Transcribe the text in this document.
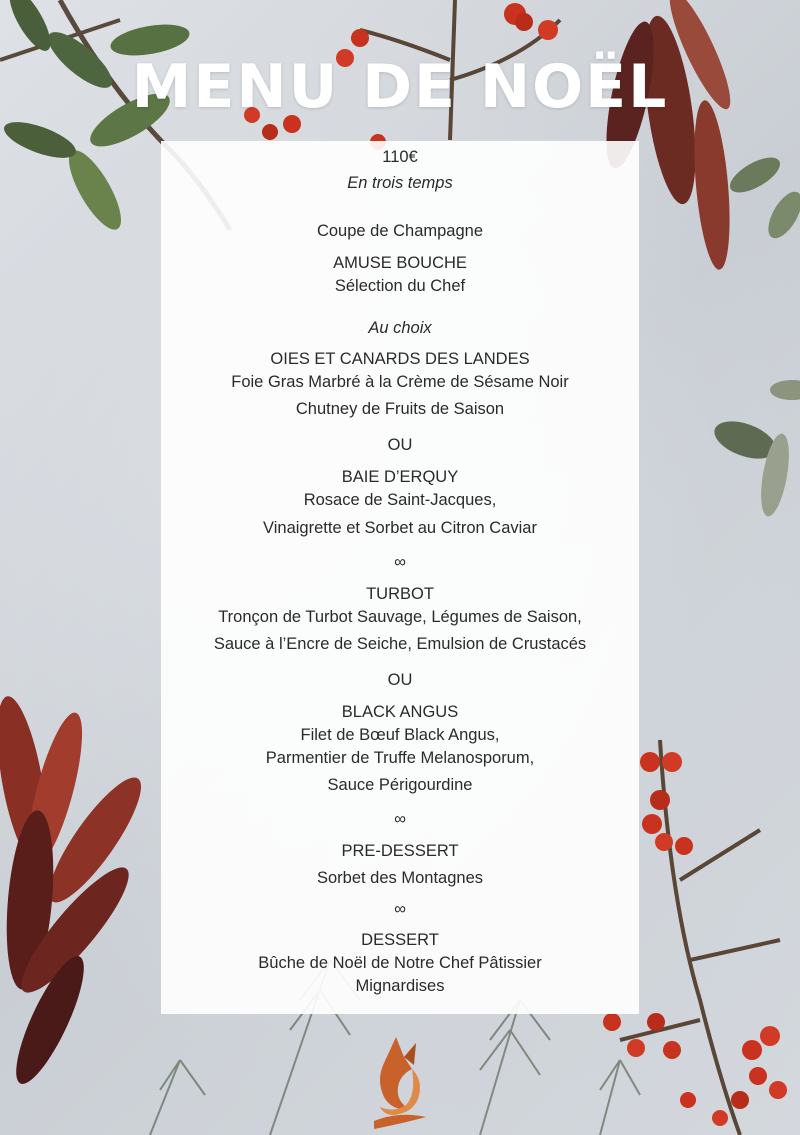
MENU DE NOËL
110€
En trois temps
Coupe de Champagne
AMUSE BOUCHE
Sélection du Chef
Au choix
OIES ET CANARDS DES LANDES
Foie Gras Marbré à la Crème de Sésame Noir
Chutney de Fruits de Saison
OU
BAIE D’ERQUY
Rosace de Saint-Jacques,
Vinaigrette et Sorbet au Citron Caviar
∞
TURBOT
Tronçon de Turbot Sauvage, Légumes de Saison,
Sauce à l’Encre de Seiche, Emulsion de Crustacés
OU
BLACK ANGUS
Filet de Bœuf Black Angus,
Parmentier de Truffe Melanosporum,
Sauce Périgourdine
∞
PRE-DESSERT
Sorbet des Montagnes
∞
DESSERT
Bûche de Noël de Notre Chef Pâtissier
Mignardises
